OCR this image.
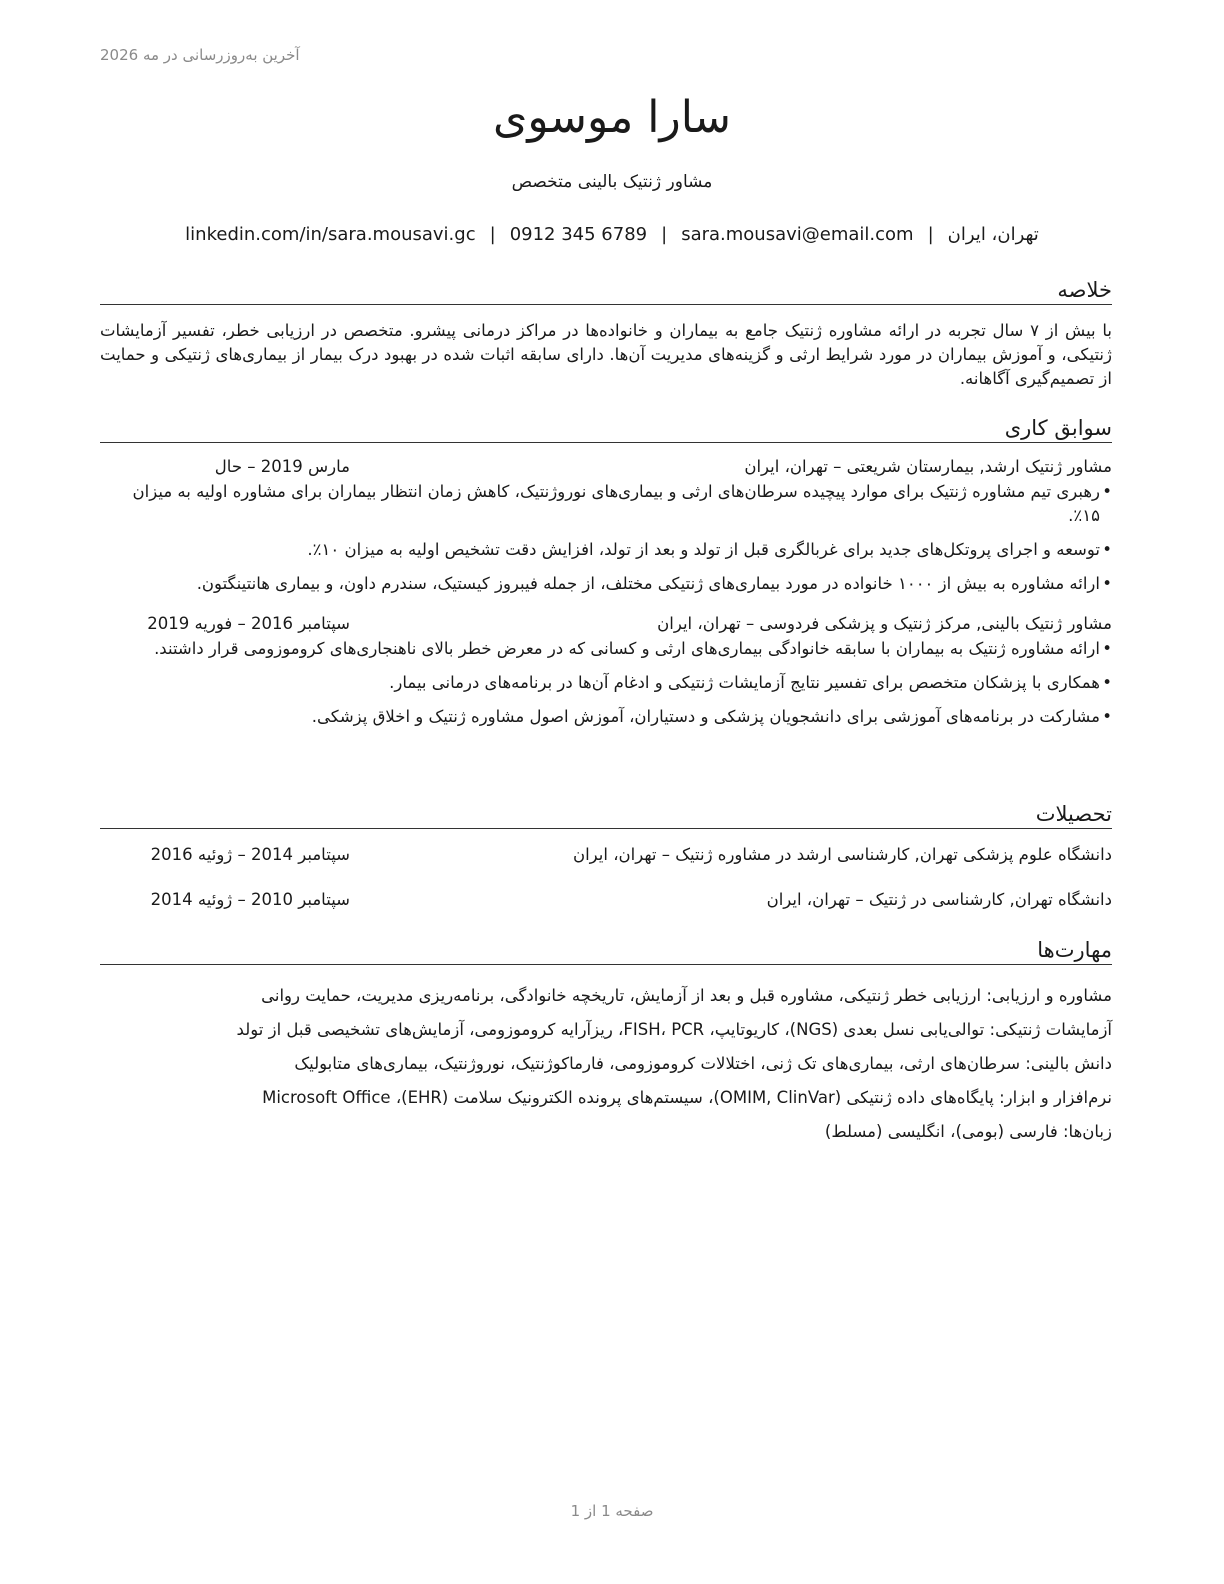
آخرین به‌روزرسانی در مه 2026
سارا موسوی
مشاور ژنتیک بالینی متخصص
تهران، ایران|sara.mousavi@email.com|0912 345 6789|linkedin.com/in/sara.mousavi.gc
خلاصه
با بیش از ۷ سال تجربه در ارائه مشاوره ژنتیک جامع به بیماران و خانواده‌ها در مراکز درمانی پیشرو. متخصص در ارزیابی خطر، تفسیر آزمایشات ژنتیکی، و آموزش بیماران در مورد شرایط ارثی و گزینه‌های مدیریت آن‌ها. دارای سابقه اثبات شده در بهبود درک بیمار از بیماری‌های ژنتیکی و حمایت از تصمیم‌گیری آگاهانه.
سوابق کاری
مشاور ژنتیک ارشد, بیمارستان شریعتی – تهران، ایران
مارس 2019 – حال
• رهبری تیم مشاوره ژنتیک برای موارد پیچیده سرطان‌های ارثی و بیماری‌های نوروژنتیک، کاهش زمان انتظار بیماران برای مشاوره اولیه به میزان ۱۵٪.
• توسعه و اجرای پروتکل‌های جدید برای غربالگری قبل از تولد و بعد از تولد، افزایش دقت تشخیص اولیه به میزان ۱۰٪.
• ارائه مشاوره به بیش از ۱۰۰۰ خانواده در مورد بیماری‌های ژنتیکی مختلف، از جمله فیبروز کیستیک، سندرم داون، و بیماری هانتینگتون.
مشاور ژنتیک بالینی, مرکز ژنتیک و پزشکی فردوسی – تهران، ایران
سپتامبر 2016 – فوریه 2019
• ارائه مشاوره ژنتیک به بیماران با سابقه خانوادگی بیماری‌های ارثی و کسانی که در معرض خطر بالای ناهنجاری‌های کروموزومی قرار داشتند.
• همکاری با پزشکان متخصص برای تفسیر نتایج آزمایشات ژنتیکی و ادغام آن‌ها در برنامه‌های درمانی بیمار.
• مشارکت در برنامه‌های آموزشی برای دانشجویان پزشکی و دستیاران، آموزش اصول مشاوره ژنتیک و اخلاق پزشکی.
تحصیلات
دانشگاه علوم پزشکی تهران, کارشناسی ارشد در مشاوره ژنتیک – تهران، ایران
سپتامبر 2014 – ژوئیه 2016
دانشگاه تهران, کارشناسی در ژنتیک – تهران، ایران
سپتامبر 2010 – ژوئیه 2014
مهارت‌ها
مشاوره و ارزیابی: ارزیابی خطر ژنتیکی، مشاوره قبل و بعد از آزمایش، تاریخچه خانوادگی، برنامه‌ریزی مدیریت، حمایت روانی
آزمایشات ژنتیکی: توالی‌یابی نسل بعدی (NGS)، کاریوتایپ، FISH، PCR، ریزآرایه کروموزومی، آزمایش‌های تشخیصی قبل از تولد
دانش بالینی: سرطان‌های ارثی، بیماری‌های تک ژنی، اختلالات کروموزومی، فارماکوژنتیک، نوروژنتیک، بیماری‌های متابولیک
نرم‌افزار و ابزار: پایگاه‌های داده ژنتیکی (OMIM, ClinVar)، سیستم‌های پرونده الکترونیک سلامت (EHR)، Microsoft Office
زبان‌ها: فارسی (بومی)، انگلیسی (مسلط)
صفحه 1 از 1
